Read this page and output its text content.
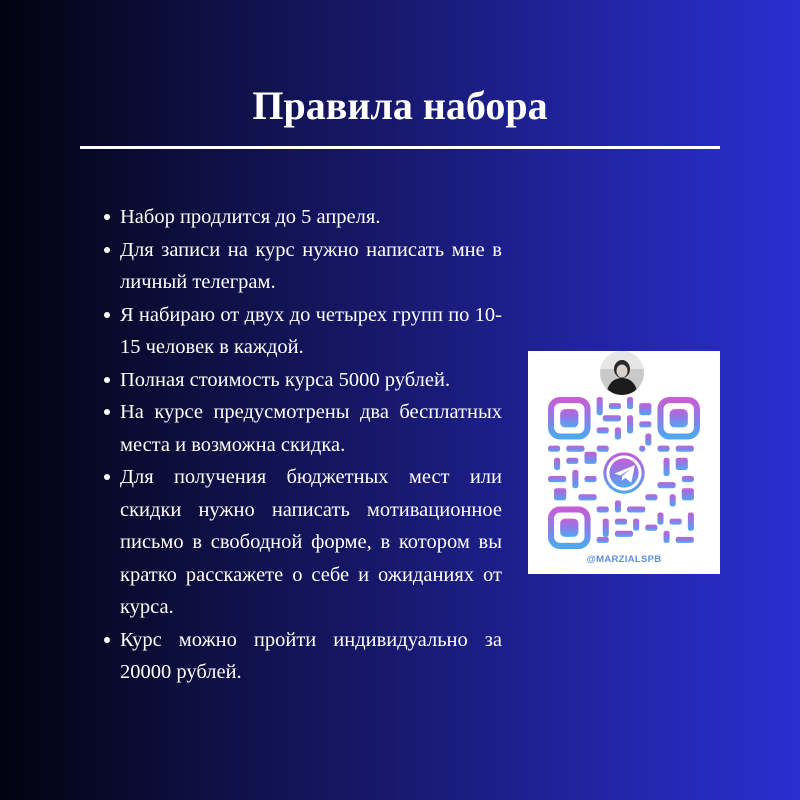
Правила набора
Набор продлится до 5 апреля.
Для записи на курс нужно написать мне в личный телеграм.
Я набираю от двух до четырех групп по 10-15 человек в каждой.
Полная стоимость курса 5000 рублей.
На курсе предусмотрены два бесплатных места и возможна скидка.
Для получения бюджетных мест или скидки нужно написать мотивационное письмо в свободной форме, в котором вы кратко расскажете о себе и ожиданиях от курса.
Курс можно пройти индивидуально за 20000 рублей.
@MARZIALSPB
